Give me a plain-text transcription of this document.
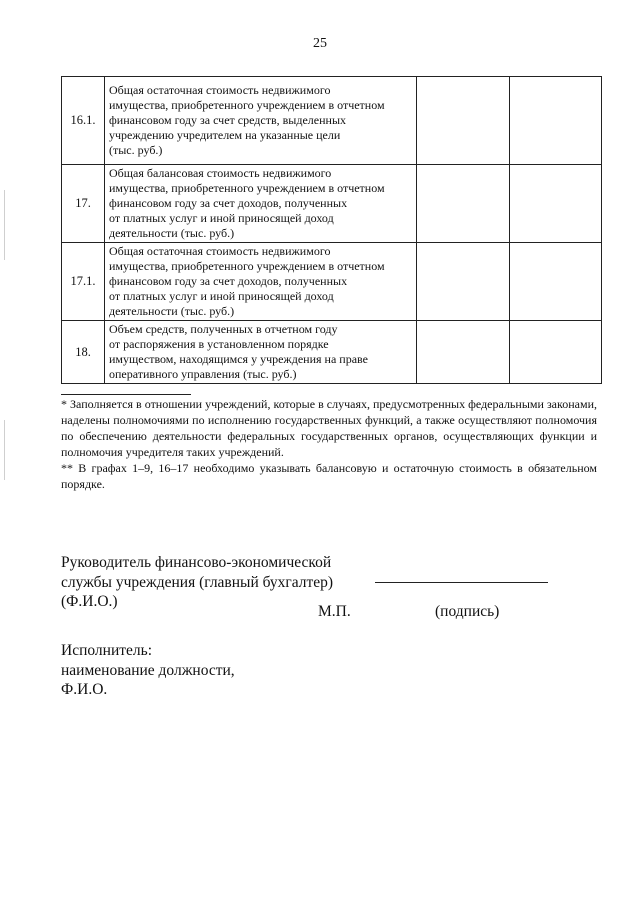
25
16.1.	Общая остаточная стоимость недвижимого
имущества, приобретенного учреждением в отчетном
финансовом году за счет средств, выделенных
учреждению учредителем на указанные цели
(тыс. руб.)		
17.	Общая балансовая стоимость недвижимого
имущества, приобретенного учреждением в отчетном
финансовом году за счет доходов, полученных
от платных услуг и иной приносящей доход
деятельности (тыс. руб.)		
17.1.	Общая остаточная стоимость недвижимого
имущества, приобретенного учреждением в отчетном
финансовом году за счет доходов, полученных
от платных услуг и иной приносящей доход
деятельности (тыс. руб.)		
18.	Объем средств, полученных в отчетном году
от распоряжения в установленном порядке
имуществом, находящимся у учреждения на праве
оперативного управления (тыс. руб.)		

* Заполняется в отношении учреждений, которые в случаях, предусмотренных федеральными законами, наделены полномочиями по исполнению государственных функций, а также осуществляют полномочия по обеспечению деятельности федеральных государственных органов, осуществляющих функции и полномочия учредителя таких учреждений.

** В графах 1–9, 16–17 необходимо указывать балансовую и остаточную стоимость в обязательном порядке.

Руководитель финансово-экономической
службы учреждения (главный бухгалтер)
(Ф.И.О.)
М.П.	(подпись)
Исполнитель:
наименование должности,
Ф.И.О.
